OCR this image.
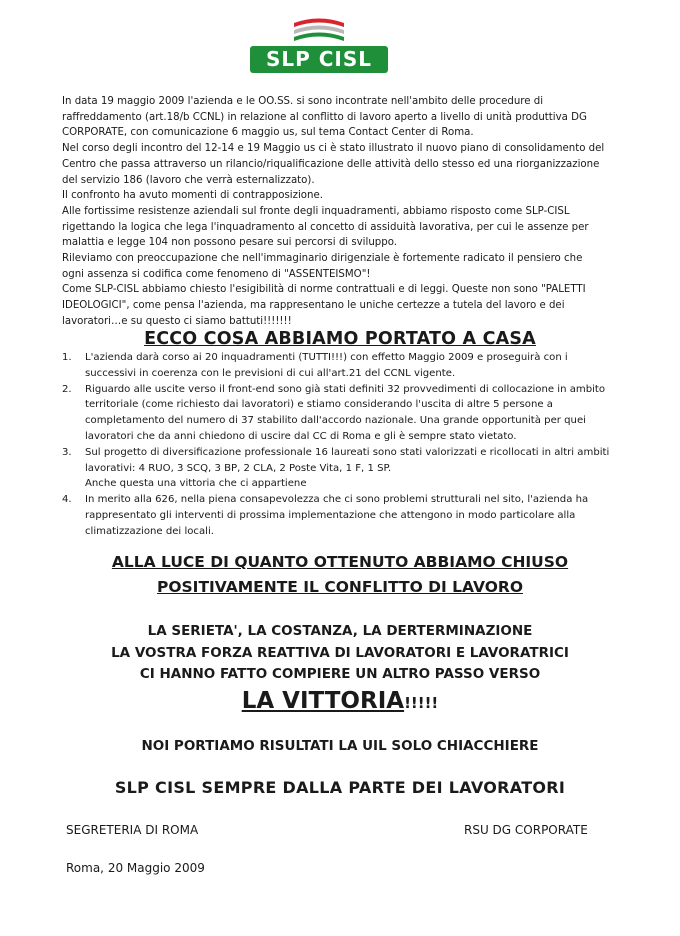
SLP CISL

In data 19 maggio 2009 l'azienda e le OO.SS. si sono incontrate nell'ambito delle procedure di raffreddamento (art.18/b CCNL) in relazione al conflitto di lavoro aperto a livello di unità produttiva DG CORPORATE, con comunicazione 6 maggio us, sul tema Contact Center di Roma.

Nel corso degli incontro del 12-14 e 19 Maggio us ci è stato illustrato il nuovo piano di consolidamento del Centro che passa attraverso un rilancio/riqualificazione delle attività dello stesso ed una riorganizzazione del servizio 186 (lavoro che verrà esternalizzato).

Il confronto ha avuto momenti di contrapposizione.

Alle fortissime resistenze aziendali sul fronte degli inquadramenti, abbiamo risposto come SLP-CISL rigettando la logica che lega l'inquadramento al concetto di assiduità lavorativa, per cui le assenze per malattia e legge 104 non possono pesare sui percorsi di sviluppo.

Rileviamo con preoccupazione che nell'immaginario dirigenziale è fortemente radicato il pensiero che ogni assenza si codifica come fenomeno di "ASSENTEISMO"!

Come SLP-CISL abbiamo chiesto l'esigibilità di norme contrattuali e di leggi. Queste non sono "PALETTI IDEOLOGICI", come pensa l'azienda, ma rappresentano le uniche certezze a tutela del lavoro e dei lavoratori…e su questo ci siamo battuti!!!!!!!

ECCO COSA ABBIAMO PORTATO A CASA
1. L'azienda darà corso ai 20 inquadramenti (TUTTI!!!) con effetto Maggio 2009 e proseguirà con i successivi in coerenza con le previsioni di cui all'art.21 del CCNL vigente.

2. Riguardo alle uscite verso il front-end sono già stati definiti 32 provvedimenti di collocazione in ambito territoriale (come richiesto dai lavoratori) e stiamo considerando l'uscita di altre 5 persone a completamento del numero di 37 stabilito dall'accordo nazionale. Una grande opportunità per quei lavoratori che da anni chiedono di uscire dal CC di Roma e gli è sempre stato vietato.

3. Sul progetto di diversificazione professionale 16 laureati sono stati valorizzati e ricollocati in altri ambiti lavorativi: 4 RUO, 3 SCQ, 3 BP, 2 CLA, 2 Poste Vita, 1 F, 1 SP.

Anche questa una vittoria che ci appartiene

4. In merito alla 626, nella piena consapevolezza che ci sono problemi strutturali nel sito, l'azienda ha rappresentato gli interventi di prossima implementazione che attengono in modo particolare alla climatizzazione dei locali.

ALLA LUCE DI QUANTO OTTENUTO ABBIAMO CHIUSO
POSITIVAMENTE IL CONFLITTO DI LAVORO
LA SERIETA', LA COSTANZA, LA DERTERMINAZIONE
LA VOSTRA FORZA REATTIVA DI LAVORATORI E LAVORATRICI
CI HANNO FATTO COMPIERE UN ALTRO PASSO VERSO
LA VITTORIA!!!!!
NOI PORTIAMO RISULTATI LA UIL SOLO CHIACCHIERE
SLP CISL SEMPRE DALLA PARTE DEI LAVORATORI
SEGRETERIA DI ROMA	RSU DG CORPORATE
Roma, 20 Maggio 2009
